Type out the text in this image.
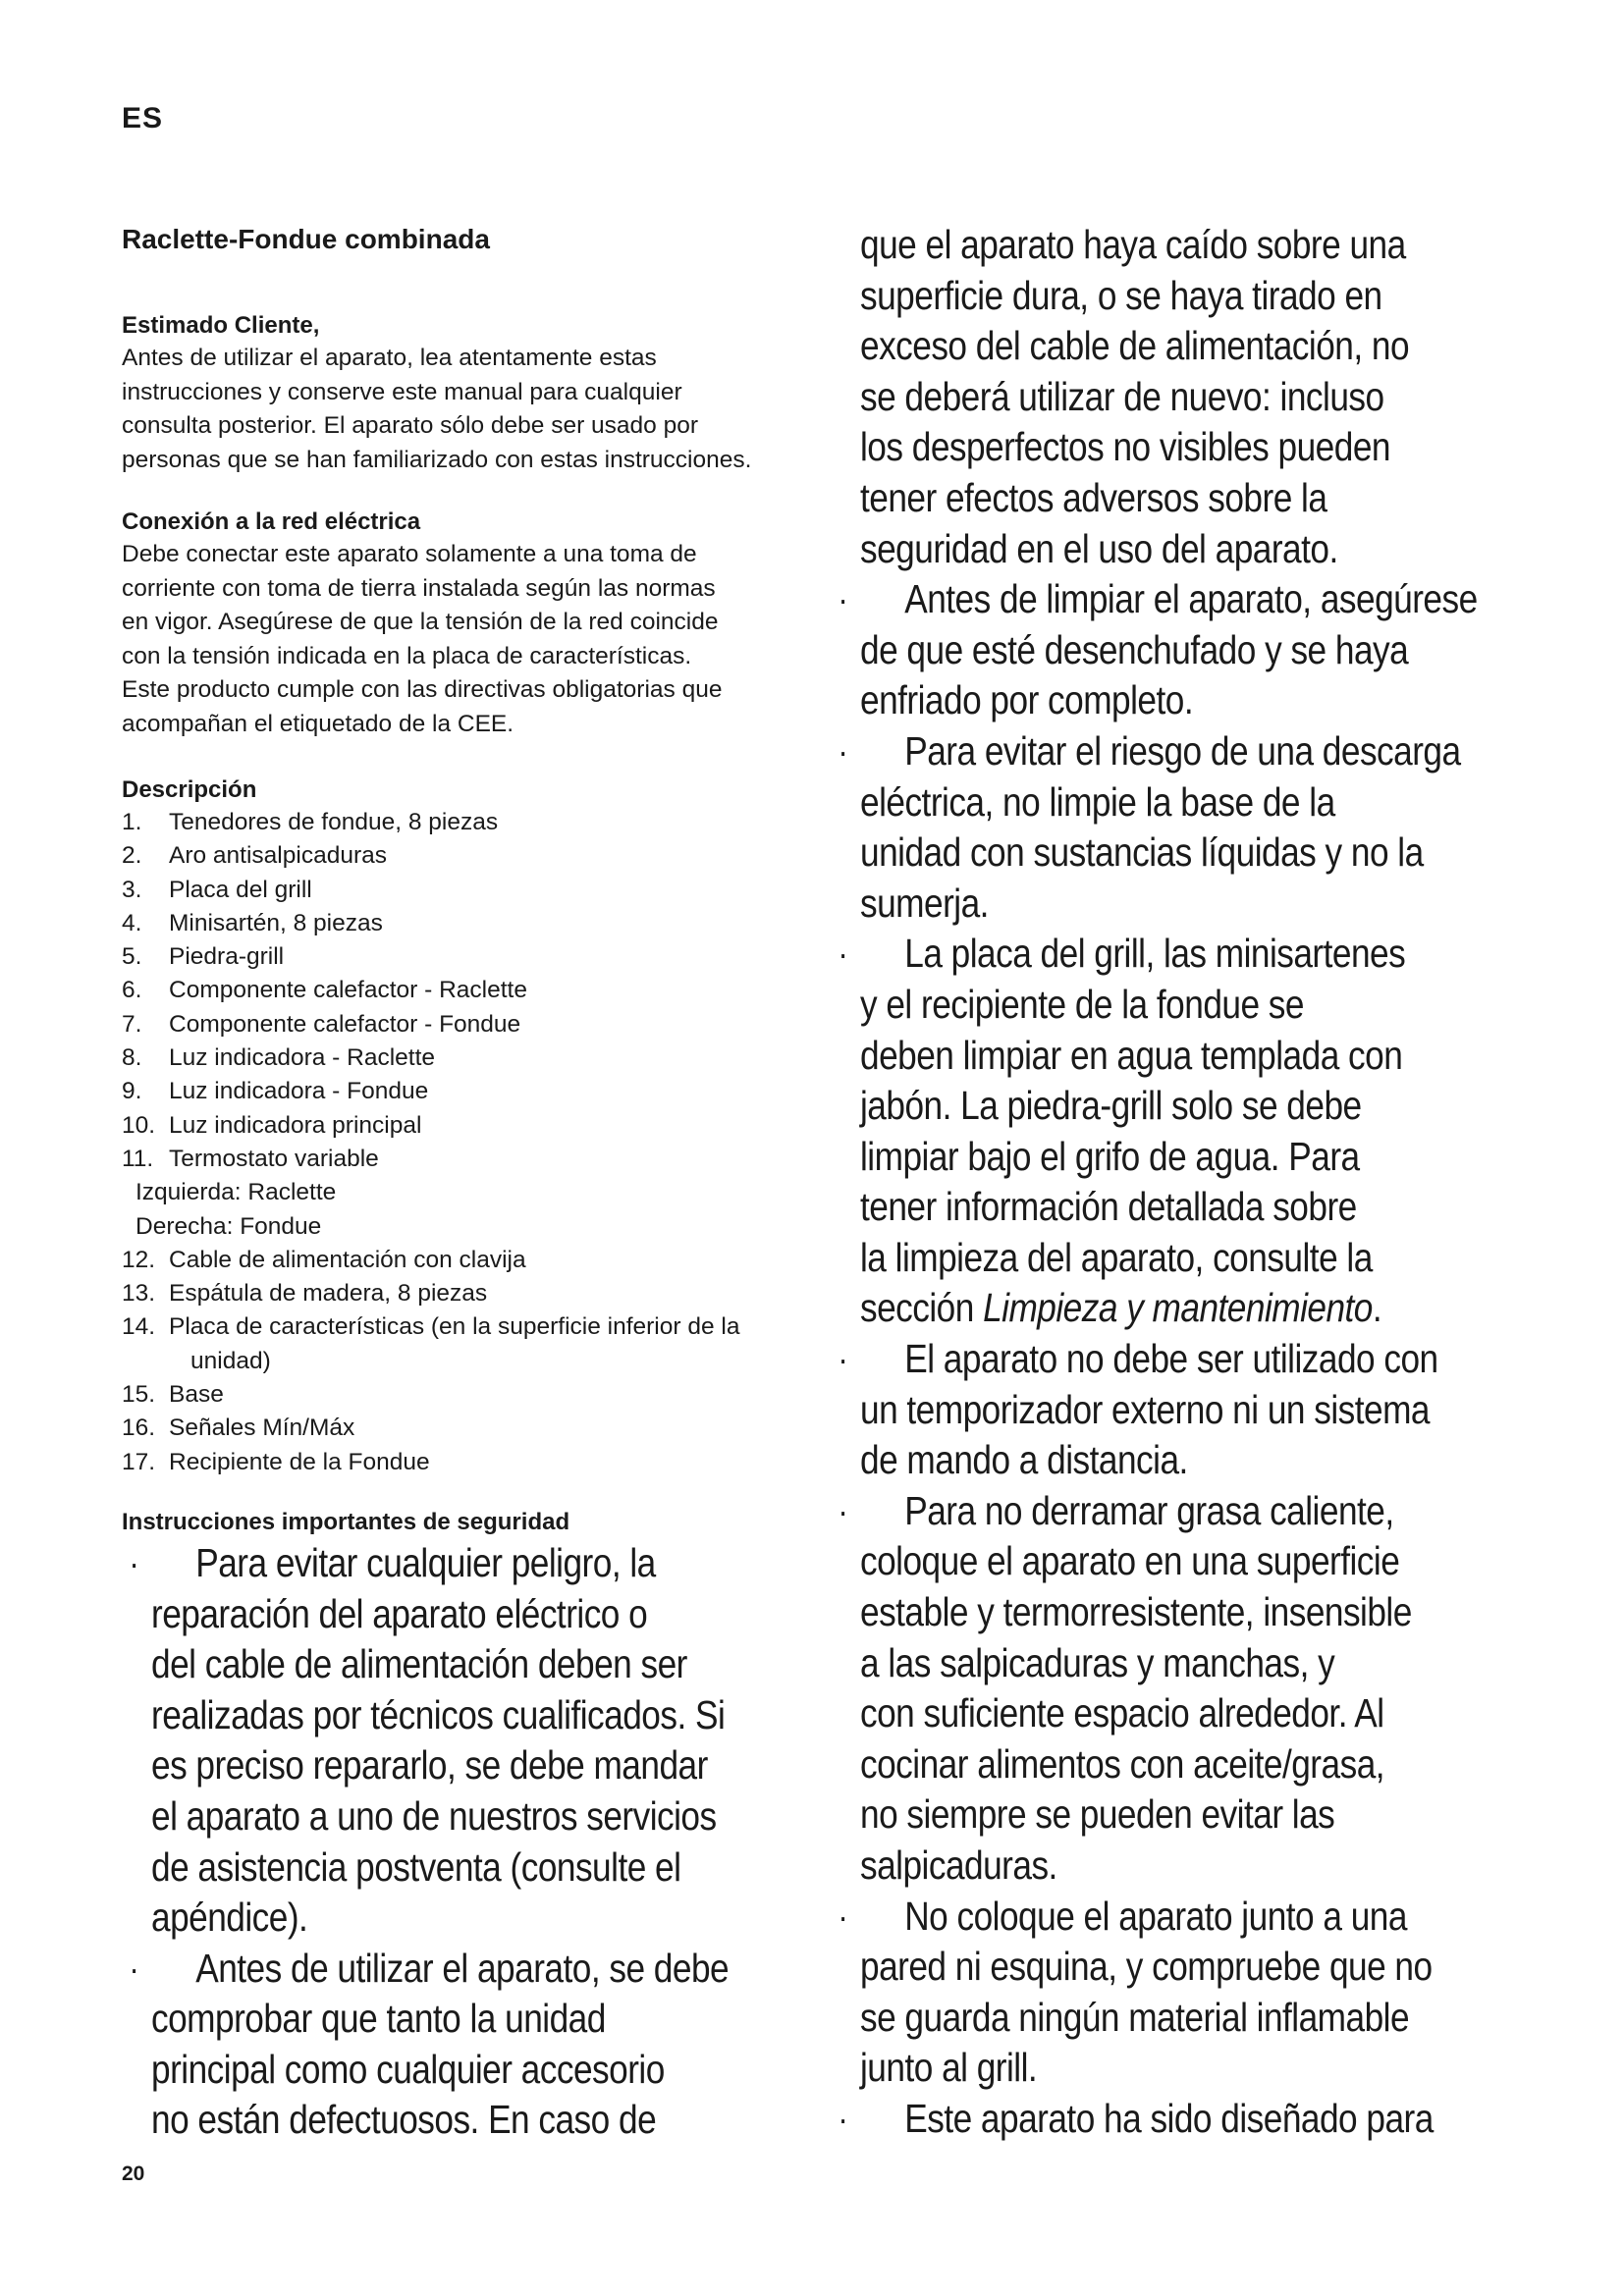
ES

Raclette-Fondue combinada

Estimado Cliente,

Antes de utilizar el aparato, lea atentamente estas
instrucciones y conserve este manual para cualquier
consulta posterior. El aparato sólo debe ser usado por
personas que se han familiarizado con estas instrucciones.

Conexión a la red eléctrica

Debe conectar este aparato solamente a una toma de
corriente con toma de tierra instalada según las normas
en vigor. Asegúrese de que la tensión de la red coincide
con la tensión indicada en la placa de características.
Este producto cumple con las directivas obligatorias que
acompañan el etiquetado de la CEE.

Descripción

1. Tenedores de fondue, 8 piezas
2. Aro antisalpicaduras
3. Placa del grill
4.Minisartén, 8 piezas
5.Piedra-grill
6. Componente calefactor - Raclette
7. Componente calefactor - Fondue
8. Luz indicadora - Raclette
9. Luz indicadora - Fondue
10. Luz indicadora principal
11. Termostato variable
Izquierda: Raclette
Derecha: Fondue
12. Cable de alimentación con clavija
13. Espátula de madera, 8 piezas
14. Placa de características (en la superficie inferior de la
unidad)
15. Base
16. Señales Mín/Máx
17. Recipiente de la Fondue

Instrucciones importantes de seguridad

·	Para evitar cualquier peligro, la
reparación del aparato eléctrico o
del cable de alimentación deben ser
realizadas por técnicos cualificados. Si
es preciso repararlo, se debe mandar
el aparato a uno de nuestros servicios
de asistencia postventa (consulte el
apéndice).
·	Antes de utilizar el aparato, se debe
comprobar que tanto la unidad
principal como cualquier accesorio
no están defectuosos. En caso de
que el aparato haya caído sobre una
superficie dura, o se haya tirado en
exceso del cable de alimentación, no
se deberá utilizar de nuevo: incluso
los desperfectos no visibles pueden
tener efectos adversos sobre la
seguridad en el uso del aparato.
·	Antes de limpiar el aparato, asegúrese
de que esté desenchufado y se haya
enfriado por completo.
·	Para evitar el riesgo de una descarga
eléctrica, no limpie la base de la
unidad con sustancias líquidas y no la
sumerja.
·	La placa del grill, las minisartenes
y el recipiente de la fondue se
deben limpiar en agua templada con
jabón. La piedra-grill solo se debe
limpiar bajo el grifo de agua. Para
tener información detallada sobre
la limpieza del aparato, consulte la
sección Limpieza y mantenimiento.
·	El aparato no debe ser utilizado con
un temporizador externo ni un sistema
de mando a distancia.
·	Para no derramar grasa caliente,
coloque el aparato en una superficie
estable y termorresistente, insensible
a las salpicaduras y manchas, y
con suficiente espacio alrededor. Al
cocinar alimentos con aceite/grasa,
no siempre se pueden evitar las
salpicaduras.
·	No coloque el aparato junto a una
pared ni esquina, y compruebe que no
se guarda ningún material inflamable
junto al grill.
·	Este aparato ha sido diseñado para
20
